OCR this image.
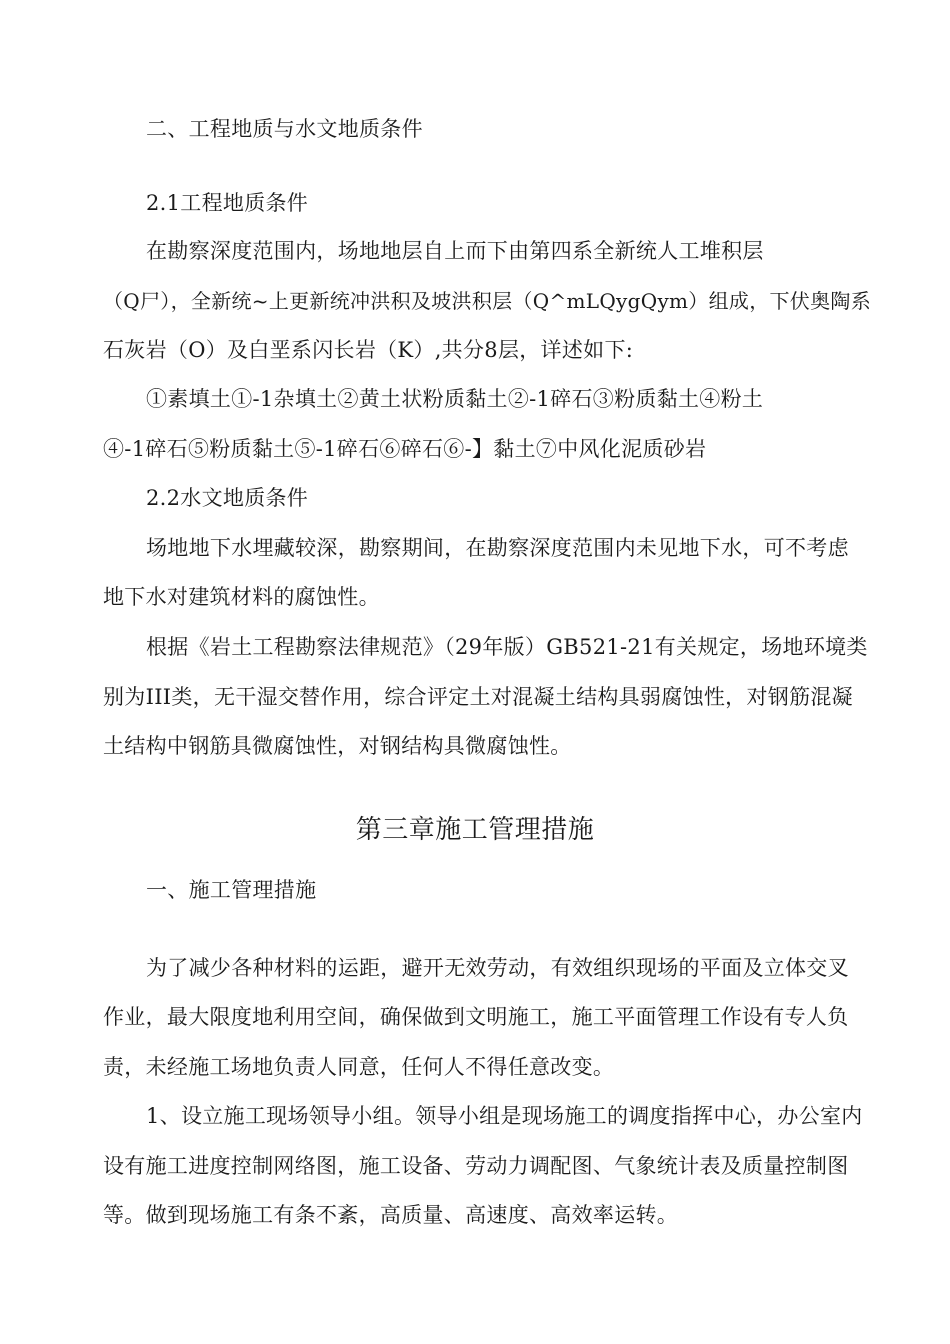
二、工程地质与水文地质条件
2.1工程地质条件
在勘察深度范围内，场地地层自上而下由第四系全新统人工堆积层
（Q尸），全新统~上更新统冲洪积及坡洪积层（Q^mLQygQym）组成，下伏奥陶系
石灰岩（O）及白垩系闪长岩（K）,共分8层，详述如下:
①素填土①-1杂填土②黄土状粉质黏土②-1碎石③粉质黏土④粉土
④-1碎石⑤粉质黏土⑤-1碎石⑥碎石⑥-】黏土⑦中风化泥质砂岩
2.2水文地质条件
场地地下水埋藏较深，勘察期间，在勘察深度范围内未见地下水，可不考虑
地下水对建筑材料的腐蚀性。
根据《岩土工程勘察法律规范》（29年版）GB521-21有关规定，场地环境类
别为III类，无干湿交替作用，综合评定土对混凝土结构具弱腐蚀性，对钢筋混凝
土结构中钢筋具微腐蚀性，对钢结构具微腐蚀性。
第三章施工管理措施
一、施工管理措施
为了减少各种材料的运距，避开无效劳动，有效组织现场的平面及立体交叉
作业，最大限度地利用空间，确保做到文明施工，施工平面管理工作设有专人负
责，未经施工场地负责人同意，任何人不得任意改变。
1、设立施工现场领导小组。领导小组是现场施工的调度指挥中心，办公室内
设有施工进度控制网络图，施工设备、劳动力调配图、气象统计表及质量控制图
等。做到现场施工有条不紊，高质量、高速度、高效率运转。
